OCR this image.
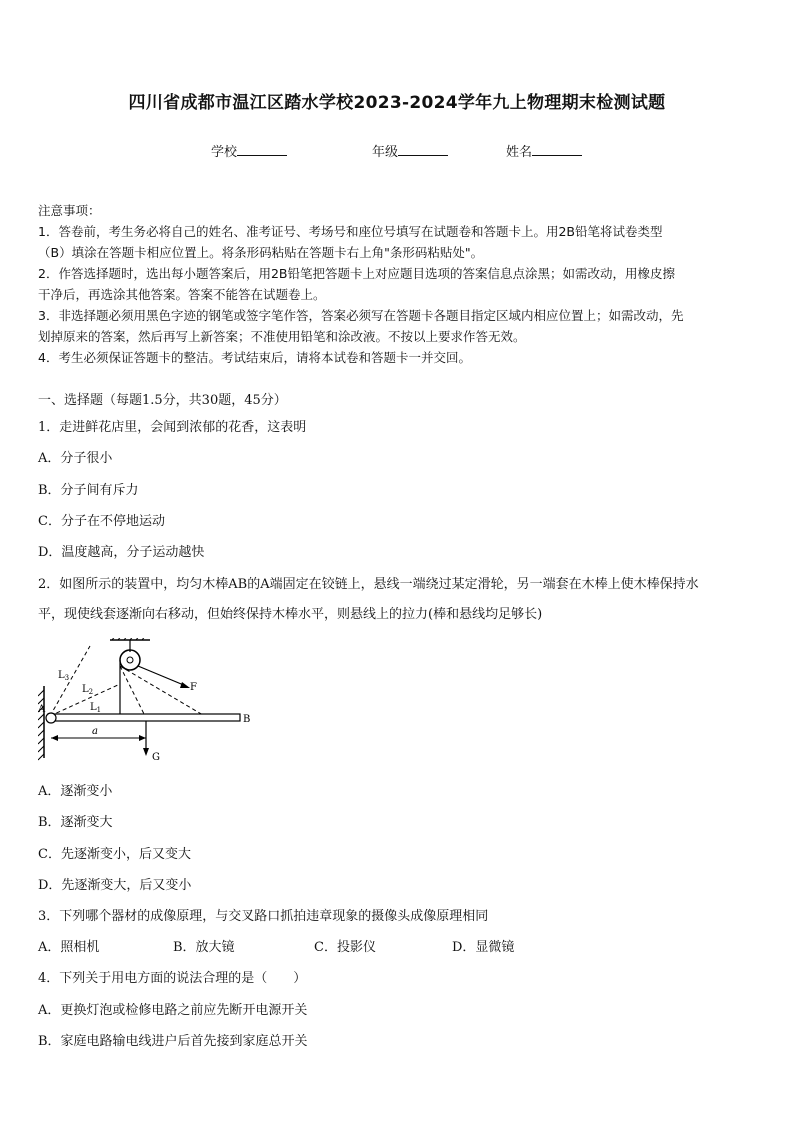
四川省成都市温江区踏水学校2023-2024学年九上物理期末检测试题
学校	年级	姓名
注意事项：
1．答卷前，考生务必将自己的姓名、准考证号、考场号和座位号填写在试题卷和答题卡上。用2B铅笔将试卷类型
（B）填涂在答题卡相应位置上。将条形码粘贴在答题卡右上角"条形码粘贴处"。
2．作答选择题时，选出每小题答案后，用2B铅笔把答题卡上对应题目选项的答案信息点涂黑；如需改动，用橡皮擦
干净后，再选涂其他答案。答案不能答在试题卷上。
3．非选择题必须用黑色字迹的钢笔或签字笔作答，答案必须写在答题卡各题目指定区域内相应位置上；如需改动，先
划掉原来的答案，然后再写上新答案；不准使用铅笔和涂改液。不按以上要求作答无效。
4．考生必须保证答题卡的整洁。考试结束后，请将本试卷和答题卡一并交回。
一、选择题（每题1.5分，共30题，45分）
1．走进鲜花店里，会闻到浓郁的花香，这表明
A．分子很小
B．分子间有斥力
C．分子在不停地运动
D．温度越高，分子运动越快
2．如图所示的装置中，均匀木棒AB的A端固定在铰链上，悬线一端绕过某定滑轮，另一端套在木棒上使木棒保持水
平，现使线套逐渐向右移动，但始终保持木棒水平，则悬线上的拉力(棒和悬线均足够长)
$L_3$
$L_2$
$L_1$
A
B
F
G
a
A．逐渐变小
B．逐渐变大
C．先逐渐变小，后又变大
D．先逐渐变大，后又变小
3．下列哪个器材的成像原理，与交叉路口抓拍违章现象的摄像头成像原理相同
A．照相机	B．放大镜	C．投影仪	D．显微镜
4．下列关于用电方面的说法合理的是（　　）
A．更换灯泡或检修电路之前应先断开电源开关
B．家庭电路输电线进户后首先接到家庭总开关
